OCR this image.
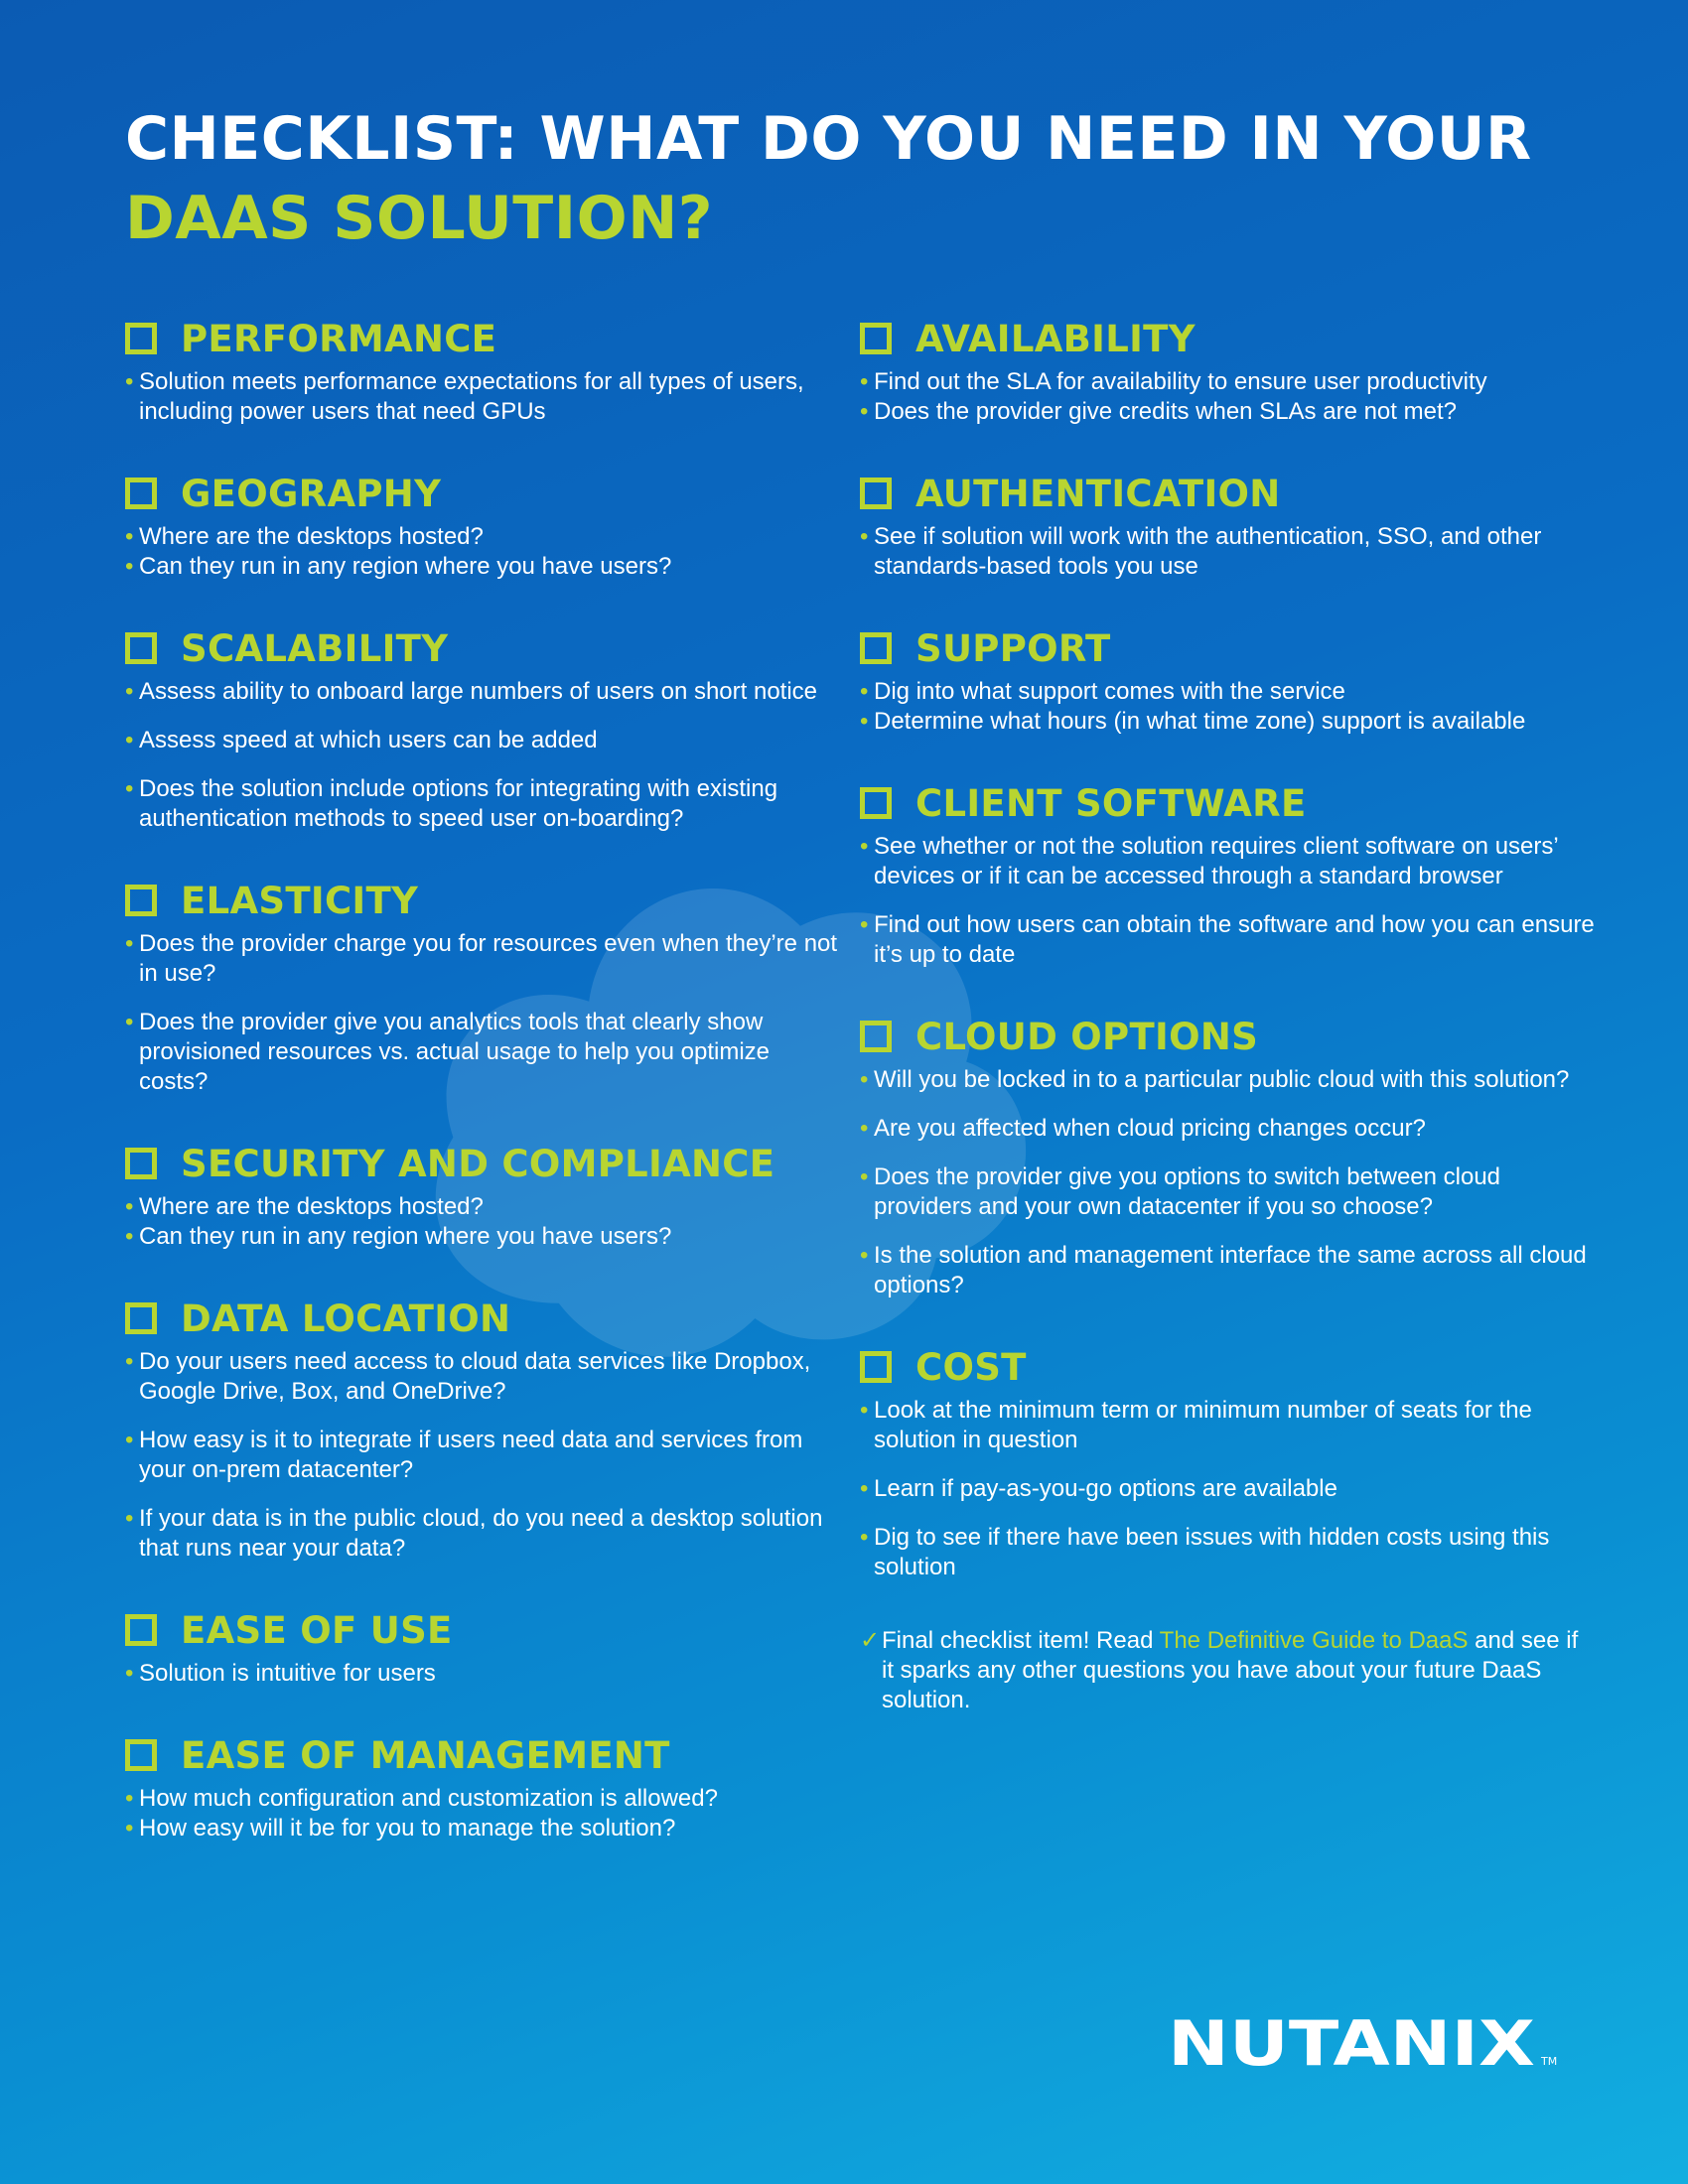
CHECKLIST: WHAT DO YOU NEED IN YOUR
DAAS SOLUTION?
PERFORMANCE
• Solution meets performance expectations for all types of users, including power users that need GPUs
GEOGRAPHY
• Where are the desktops hosted?
• Can they run in any region where you have users?
SCALABILITY
• Assess ability to onboard large numbers of users on short notice
• Assess speed at which users can be added
• Does the solution include options for integrating with existing authentication methods to speed user on-boarding?
ELASTICITY
• Does the provider charge you for resources even when they’re not in use?
• Does the provider give you analytics tools that clearly show provisioned resources vs. actual usage to help you optimize costs?
SECURITY AND COMPLIANCE
• Where are the desktops hosted?
• Can they run in any region where you have users?
DATA LOCATION
• Do your users need access to cloud data services like Dropbox, Google Drive, Box, and OneDrive?
• How easy is it to integrate if users need data and services from your on-prem datacenter?
• If your data is in the public cloud, do you need a desktop solution that runs near your data?
EASE OF USE
• Solution is intuitive for users
EASE OF MANAGEMENT
• How much configuration and customization is allowed?
• How easy will it be for you to manage the solution?
AVAILABILITY
• Find out the SLA for availability to ensure user productivity
• Does the provider give credits when SLAs are not met?
AUTHENTICATION
• See if solution will work with the authentication, SSO, and other standards-based tools you use
SUPPORT
• Dig into what support comes with the service
• Determine what hours (in what time zone) support is available
CLIENT SOFTWARE
• See whether or not the solution requires client software on users’ devices or if it can be accessed through a standard browser
• Find out how users can obtain the software and how you can ensure it’s up to date
CLOUD OPTIONS
• Will you be locked in to a particular public cloud with this solution?
• Are you affected when cloud pricing changes occur?
• Does the provider give you options to switch between cloud providers and your own datacenter if you so choose?
• Is the solution and management interface the same across all cloud options?
COST
• Look at the minimum term or minimum number of seats for the solution in question
• Learn if pay-as-you-go options are available
• Dig to see if there have been issues with hidden costs using this solution
✓ Final checklist item! Read The Definitive Guide to DaaS and see if it sparks any other questions you have about your future DaaS solution.
NUTANIX TM
